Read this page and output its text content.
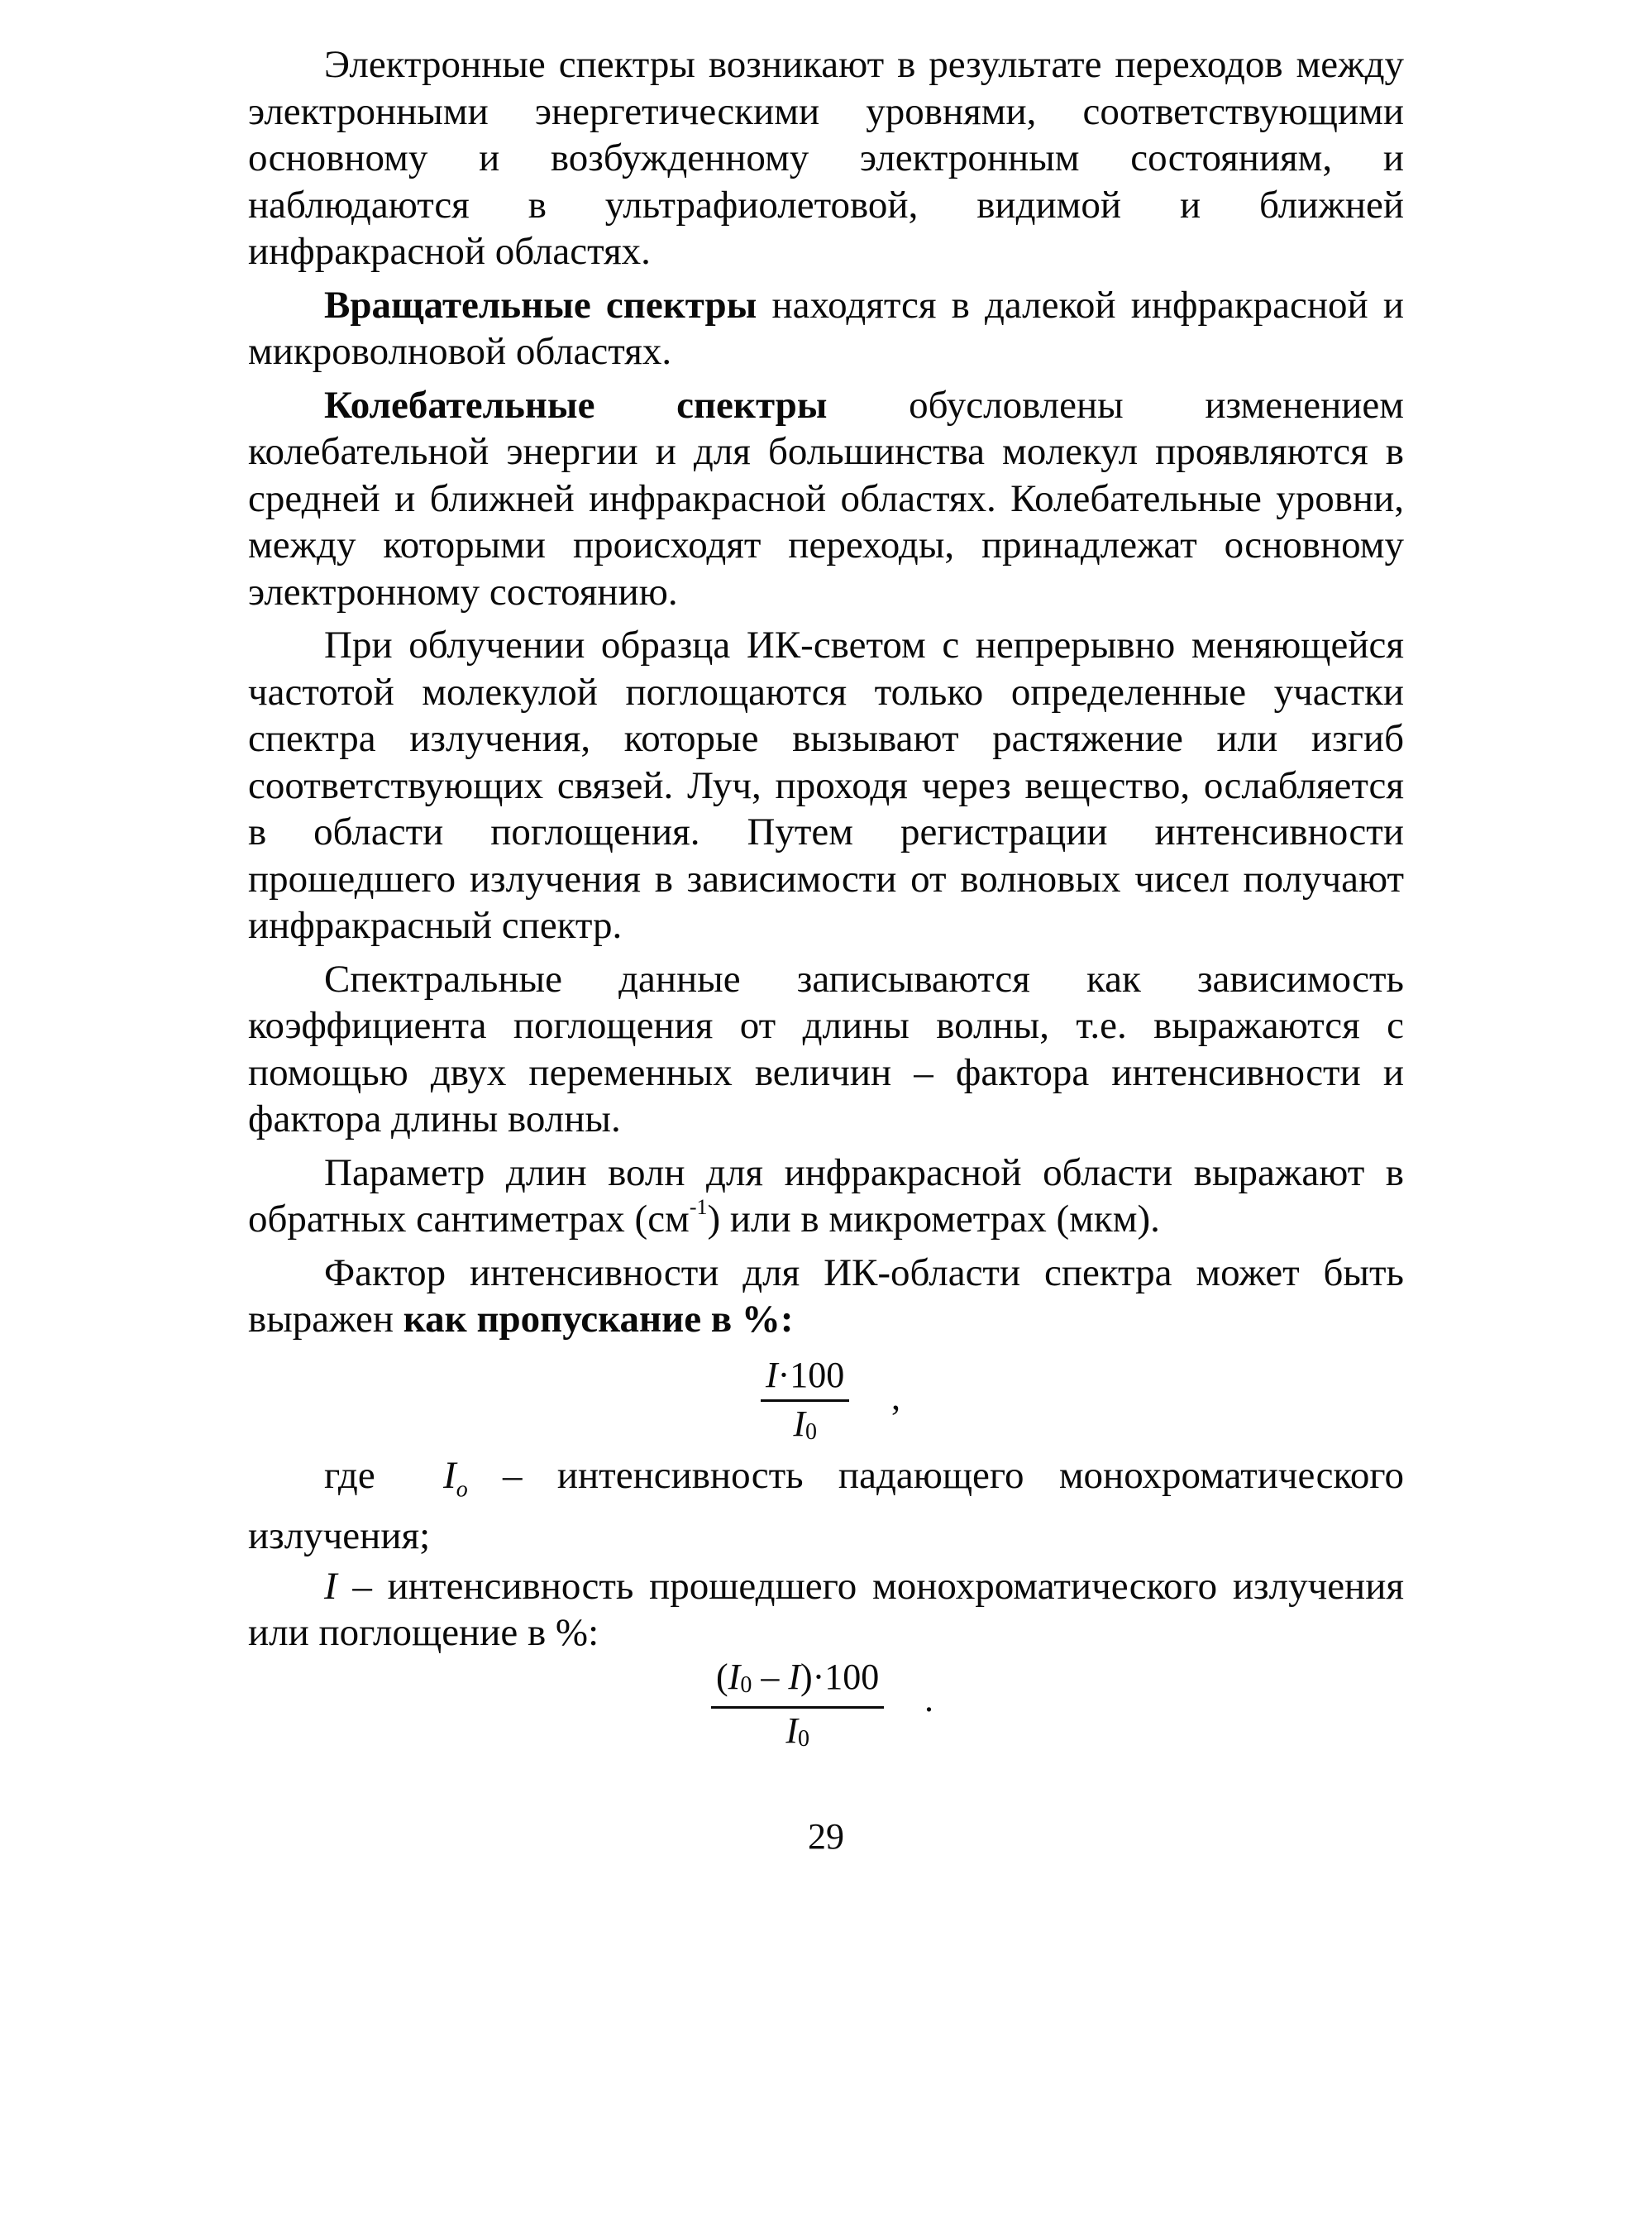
Электронные спектры возникают в результате переходов между электронными энергетическими уровнями, соответствующими основному и возбужденному электронным состояниям, и наблюдаются в ультрафиолетовой, видимой и ближней инфракрасной областях.

Вращательные спектры находятся в далекой инфракрасной и микроволновой областях.

Колебательные спектры обусловлены изменением колебательной энергии и для большинства молекул проявляются в средней и ближней инфракрасной областях. Колебательные уровни, между которыми происходят переходы, принадлежат основному электронному состоянию.

При облучении образца ИК-светом с непрерывно меняющейся частотой молекулой поглощаются только определенные участки спектра излучения, которые вызывают растяжение или изгиб соответствующих связей. Луч, проходя через вещество, ослабляется в области поглощения. Путем регистрации интенсивности прошедшего излучения в зависимости от волновых чисел получают инфракрасный спектр.

Спектральные данные записываются как зависимость коэффициента поглощения от длины волны, т.е. выражаются с помощью двух переменных величин – фактора интенсивности и фактора длины волны.

Параметр длин волн для инфракрасной области выражают в обратных сантиметрах $(см^{-1})$ или в микрометрах (мкм).

Фактор интенсивности для ИК-области спектра может быть выражен как пропускание в %:

I·100
$I_0$
,

где $I_o$ – интенсивность падающего монохроматического излучения;

I – интенсивность прошедшего монохроматического излучения или поглощение в %:

$(I_0 - I)\cdot 100$
$I_0$
.
29
